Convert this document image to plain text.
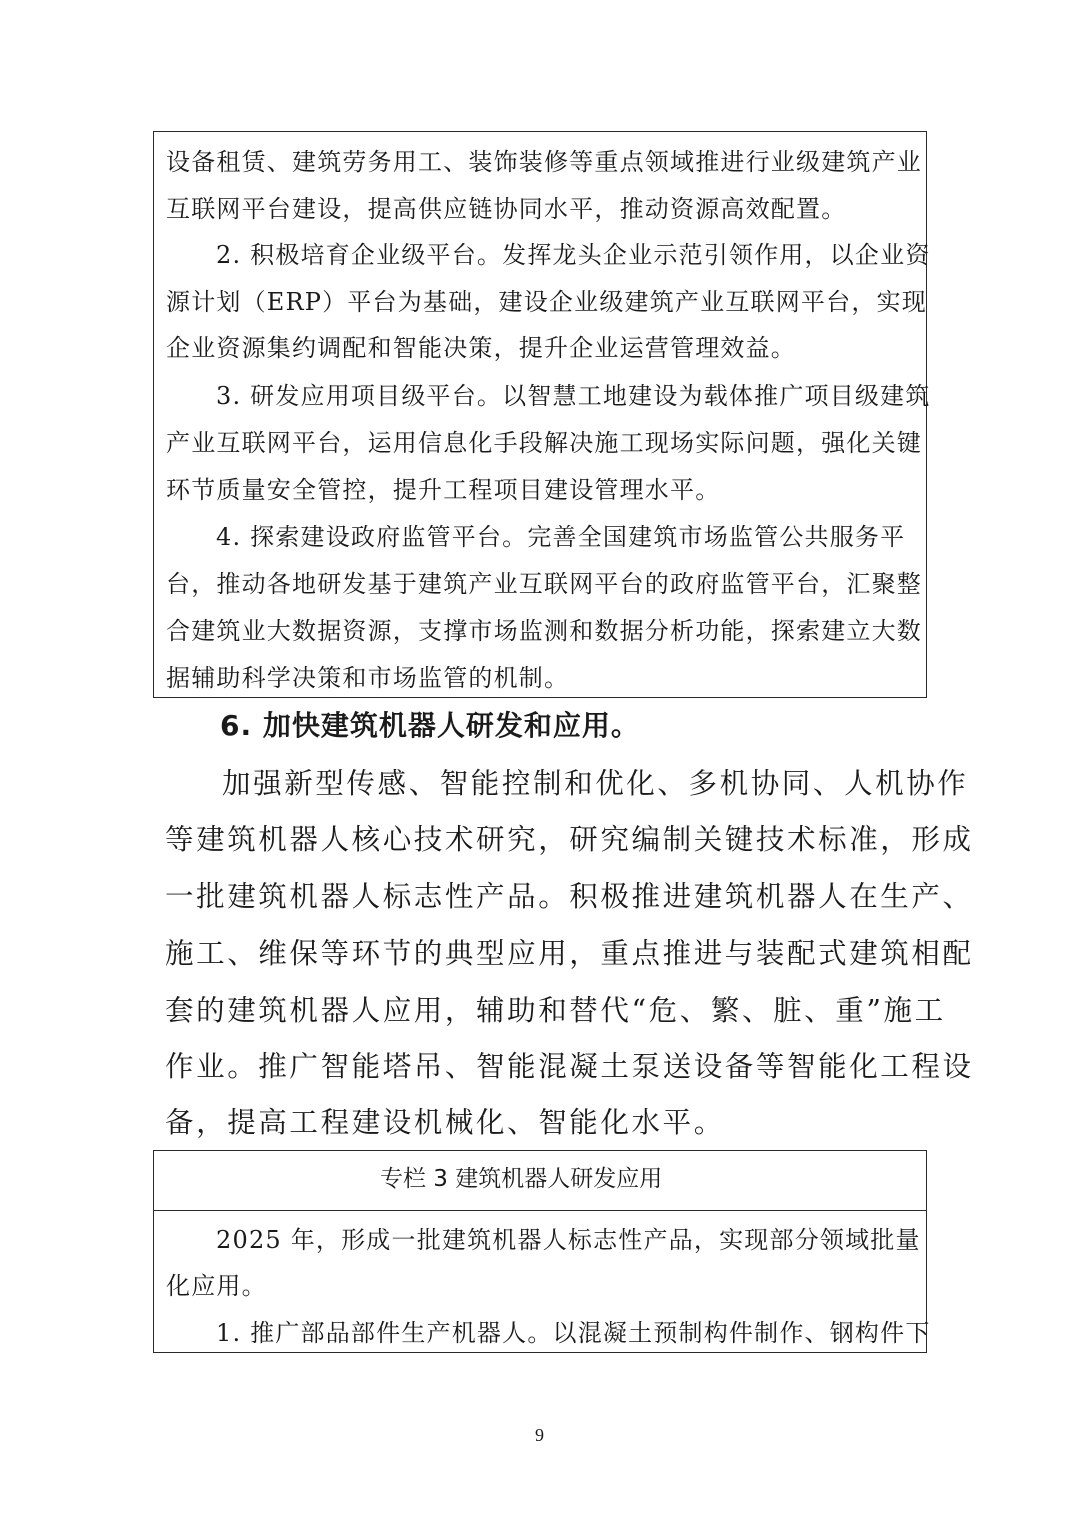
设备租赁、建筑劳务用工、装饰装修等重点领域推进行业级建筑产业
互联网平台建设，提高供应链协同水平，推动资源高效配置。
2. 积极培育企业级平台。发挥龙头企业示范引领作用，以企业资
源计划（ERP）平台为基础，建设企业级建筑产业互联网平台，实现
企业资源集约调配和智能决策，提升企业运营管理效益。
3. 研发应用项目级平台。以智慧工地建设为载体推广项目级建筑
产业互联网平台，运用信息化手段解决施工现场实际问题，强化关键
环节质量安全管控，提升工程项目建设管理水平。
4. 探索建设政府监管平台。完善全国建筑市场监管公共服务平
台，推动各地研发基于建筑产业互联网平台的政府监管平台，汇聚整
合建筑业大数据资源，支撑市场监测和数据分析功能，探索建立大数
据辅助科学决策和市场监管的机制。
6. 加快建筑机器人研发和应用。
加强新型传感、智能控制和优化、多机协同、人机协作
等建筑机器人核心技术研究，研究编制关键技术标准，形成
一批建筑机器人标志性产品。积极推进建筑机器人在生产、
施工、维保等环节的典型应用，重点推进与装配式建筑相配
套的建筑机器人应用，辅助和替代“危、繁、脏、重”施工
作业。推广智能塔吊、智能混凝土泵送设备等智能化工程设
备，提高工程建设机械化、智能化水平。
专栏 3 建筑机器人研发应用
2025 年，形成一批建筑机器人标志性产品，实现部分领域批量
化应用。
1. 推广部品部件生产机器人。以混凝土预制构件制作、钢构件下
9
